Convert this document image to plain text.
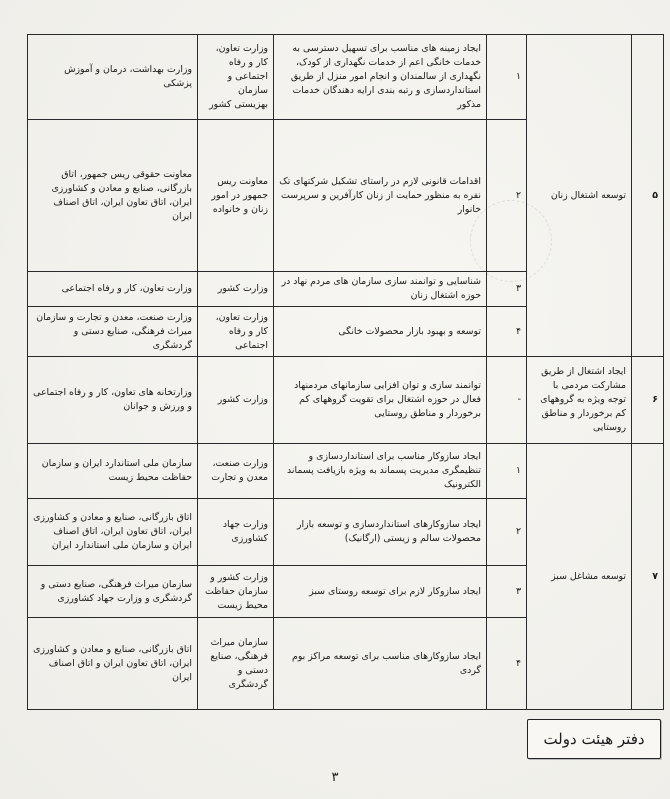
۵	توسعه اشتغال زنان	۱	ایجاد زمینه های مناسب برای تسهیل دسترسی به خدمات خانگی اعم از خدمات نگهداری از کودک، نگهداری از سالمندان و انجام امور منزل از طریق استانداردسازی و رتبه بندی ارایه دهندگان خدمات مذکور	وزارت تعاون، کار و رفاه اجتماعی و سازمان بهزیستی کشور	وزارت بهداشت، درمان و آموزش پزشکی
		۲	اقدامات قانونی لازم در راستای تشکیل شرکتهای تک نفره به منظور حمایت از زنان کارآفرین و سرپرست خانوار	معاونت ریس جمهور در امور زنان و خانواده	معاونت حقوقی ریس جمهور، اتاق بازرگانی، صنایع و معادن و کشاورزی ایران، اتاق تعاون ایران، اتاق اصناف ایران
		۳	شناسایی و توانمند سازی سازمان های مردم نهاد در حوزه اشتغال زنان	وزارت کشور	وزارت تعاون، کار و رفاه اجتماعی
		۴	توسعه و بهبود بازار محصولات خانگی	وزارت تعاون، کار و رفاه اجتماعی	وزارت صنعت، معدن و تجارت و سازمان میراث فرهنگی، صنایع دستی و گردشگری
۶	ایجاد اشتغال از طریق مشارکت مردمی با توجه ویژه به گروههای کم برخوردار و مناطق روستایی	-	توانمند سازی و توان افزایی سازمانهای مردمنهاد فعال در حوزه اشتغال برای تقویت گروههای کم برخوردار و مناطق روستایی	وزارت کشور	وزارتخانه های تعاون، کار و رفاه اجتماعی و ورزش و جوانان
۷	توسعه مشاغل سبز	۱	ایجاد سازوکار مناسب برای استانداردسازی و تنظیمگری مدیریت پسماند به ویژه بازیافت پسماند الکترونیک	وزارت صنعت، معدن و تجارت	سازمان ملی استاندارد ایران و سازمان حفاظت محیط زیست
		۲	ایجاد سازوکارهای استانداردسازی و توسعه بازار محصولات سالم و زیستی (ارگانیک)	وزارت جهاد کشاورزی	اتاق بازرگانی، صنایع و معادن و کشاورزی ایران، اتاق تعاون ایران، اتاق اصناف ایران و سازمان ملی استاندارد ایران
		۳	ایجاد سازوکار لازم برای توسعه روستای سبز	وزارت کشور و سازمان حفاظت محیط زیست	سازمان میراث فرهنگی، صنایع دستی و گردشگری و وزارت جهاد کشاورزی
		۴	ایجاد سازوکارهای مناسب برای توسعه مراکز بوم گردی	سازمان میراث فرهنگی، صنایع دستی و گردشگری	اتاق بازرگانی، صنایع و معادن و کشاورزی ایران، اتاق تعاون ایران و اتاق اصناف ایران
دفتر هیئت دولت
۳
